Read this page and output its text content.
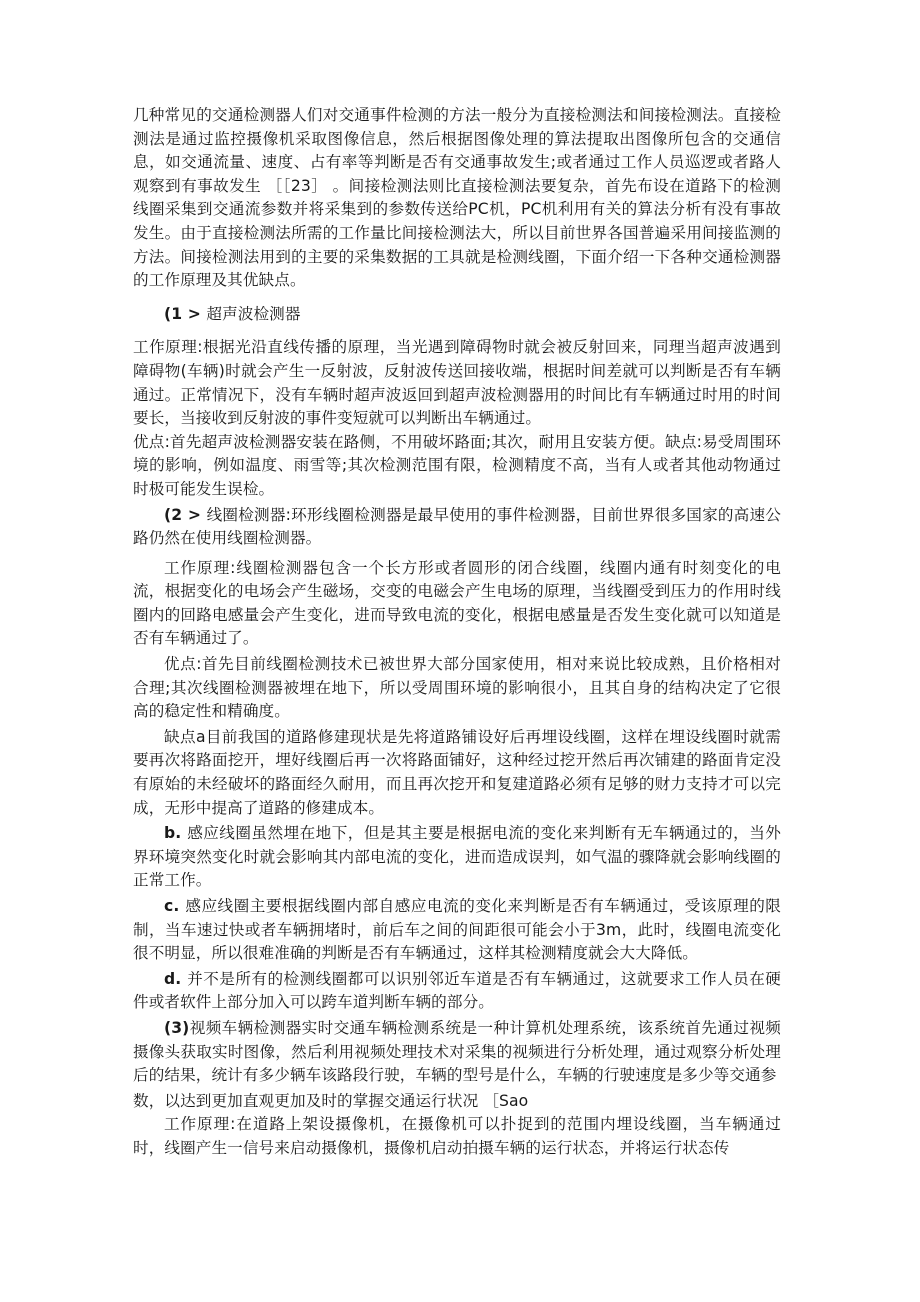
几种常见的交通检测器人们对交通事件检测的方法一般分为直接检测法和间接检测法。直接检测法是通过监控摄像机采取图像信息，然后根据图像处理的算法提取出图像所包含的交通信息，如交通流量、速度、占有率等判断是否有交通事故发生;或者通过工作人员巡逻或者路人观察到有事故发生 ［［23］ 。间接检测法则比直接检测法要复杂，首先布设在道路下的检测线圈采集到交通流参数并将采集到的参数传送给PC机，PC机利用有关的算法分析有没有事故发生。由于直接检测法所需的工作量比间接检测法大，所以目前世界各国普遍采用间接监测的方法。间接检测法用到的主要的采集数据的工具就是检测线圈，下面介绍一下各种交通检测器的工作原理及其优缺点。

(1 > 超声波检测器

工作原理:根据光沿直线传播的原理，当光遇到障碍物时就会被反射回来，同理当超声波遇到障碍物(车辆)时就会产生一反射波，反射波传送回接收端，根据时间差就可以判断是否有车辆通过。正常情况下，没有车辆时超声波返回到超声波检测器用的时间比有车辆通过时用的时间要长，当接收到反射波的事件变短就可以判断出车辆通过。

优点:首先超声波检测器安装在路侧，不用破坏路面;其次，耐用且安装方便。缺点:易受周围环境的影响，例如温度、雨雪等;其次检测范围有限，检测精度不高，当有人或者其他动物通过时极可能发生误检。

(2 > 线圈检测器:环形线圈检测器是最早使用的事件检测器，目前世界很多国家的高速公路仍然在使用线圈检测器。

工作原理:线圈检测器包含一个长方形或者圆形的闭合线圈，线圈内通有时刻变化的电流，根据变化的电场会产生磁场，交变的电磁会产生电场的原理，当线圈受到压力的作用时线圈内的回路电感量会产生变化，进而导致电流的变化，根据电感量是否发生变化就可以知道是否有车辆通过了。

优点:首先目前线圈检测技术已被世界大部分国家使用，相对来说比较成熟，且价格相对合理;其次线圈检测器被埋在地下，所以受周围环境的影响很小，且其自身的结构决定了它很高的稳定性和精确度。

缺点a目前我国的道路修建现状是先将道路铺设好后再埋设线圈，这样在埋设线圈时就需要再次将路面挖开，埋好线圈后再一次将路面铺好，这种经过挖开然后再次铺建的路面肯定没有原始的未经破坏的路面经久耐用，而且再次挖开和复建道路必须有足够的财力支持才可以完成，无形中提高了道路的修建成本。

b. 感应线圈虽然埋在地下，但是其主要是根据电流的变化来判断有无车辆通过的，当外界环境突然变化时就会影响其内部电流的变化，进而造成误判，如气温的骤降就会影响线圈的正常工作。

c. 感应线圈主要根据线圈内部自感应电流的变化来判断是否有车辆通过，受该原理的限制，当车速过快或者车辆拥堵时，前后车之间的间距很可能会小于3m，此时，线圈电流变化很不明显，所以很难准确的判断是否有车辆通过，这样其检测精度就会大大降低。

d. 并不是所有的检测线圈都可以识别邻近车道是否有车辆通过，这就要求工作人员在硬件或者软件上部分加入可以跨车道判断车辆的部分。

(3)视频车辆检测器实时交通车辆检测系统是一种计算机处理系统，该系统首先通过视频摄像头获取实时图像，然后利用视频处理技术对采集的视频进行分析处理，通过观察分析处理后的结果，统计有多少辆车该路段行驶，车辆的型号是什么，车辆的行驶速度是多少等交通参

数，以达到更加直观更加及时的掌握交通运行状况 ［Sao

工作原理:在道路上架设摄像机，在摄像机可以扑捉到的范围内埋设线圈，当车辆通过时，线圈产生一信号来启动摄像机，摄像机启动拍摄车辆的运行状态，并将运行状态传
